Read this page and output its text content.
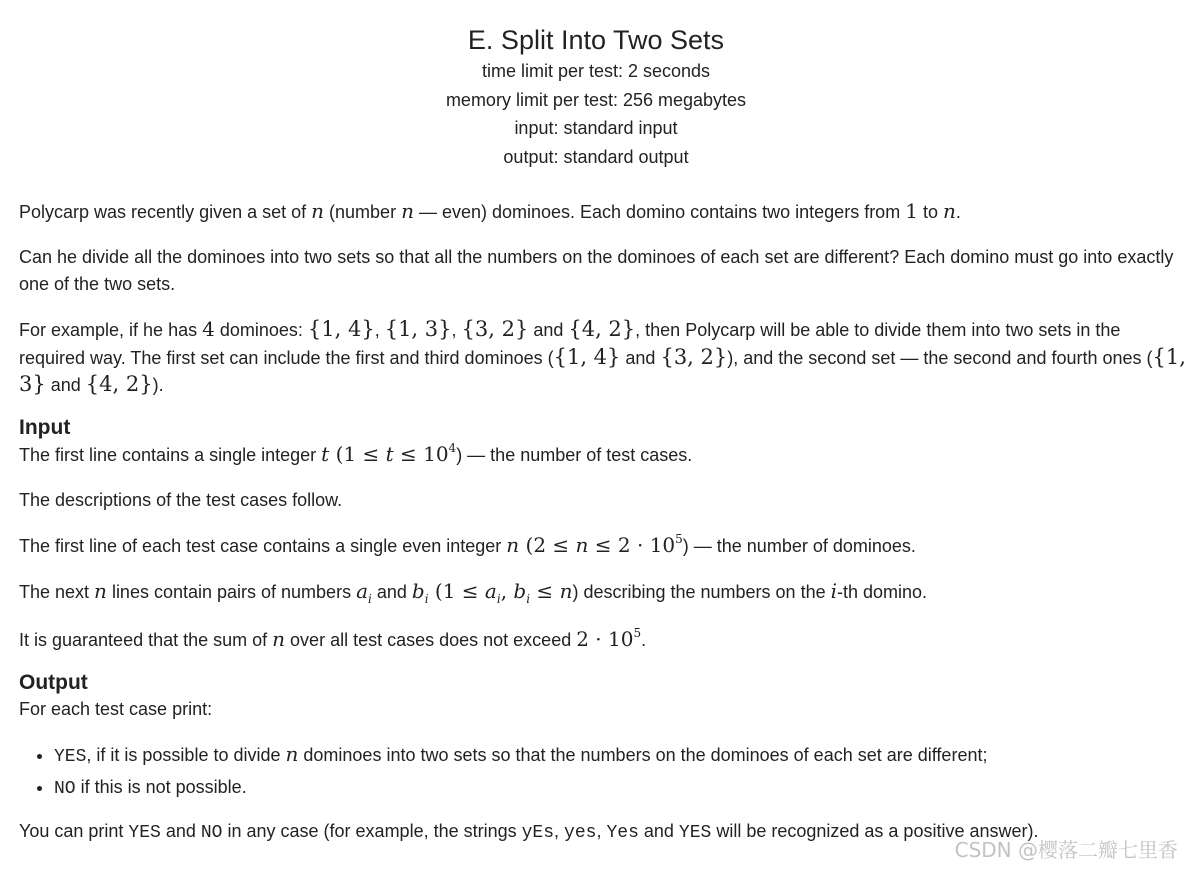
E. Split Into Two Sets
time limit per test: 2 seconds
memory limit per test: 256 megabytes
input: standard input
output: standard output

Polycarp was recently given a set of n (number n — even) dominoes. Each domino contains two integers from 1 to n.

Can he divide all the dominoes into two sets so that all the numbers on the dominoes of each set are different? Each domino must go into exactly one of the two sets.

For example, if he has 4 dominoes: {1, 4}, {1, 3}, {3, 2} and {4, 2}, then Polycarp will be able to divide them into two sets in the required way. The first set can include the first and third dominoes ({1, 4} and {3, 2}), and the second set — the second and fourth ones ({1, 3} and {4, 2}).

Input

The first line contains a single integer t $(1 \le t \le 10^4)$ — the number of test cases.

The descriptions of the test cases follow.

The first line of each test case contains a single even integer n $(2 \le n \le 2 \cdot 10^5)$ — the number of dominoes.

The next n lines contain pairs of numbers $a_i$ and $b_i$ ($1 \le a_i$, $b_i \le n$) describing the numbers on the i-th domino.

It is guaranteed that the sum of n over all test cases does not exceed $2 \cdot 10^5$.

Output

For each test case print:

• YES, if it is possible to divide n dominoes into two sets so that the numbers on the dominoes of each set are different;
• NO if this is not possible.

You can print YES and NO in any case (for example, the strings yEs, yes, Yes and YES will be recognized as a positive answer).

CSDN @樱落二瓣七里香
